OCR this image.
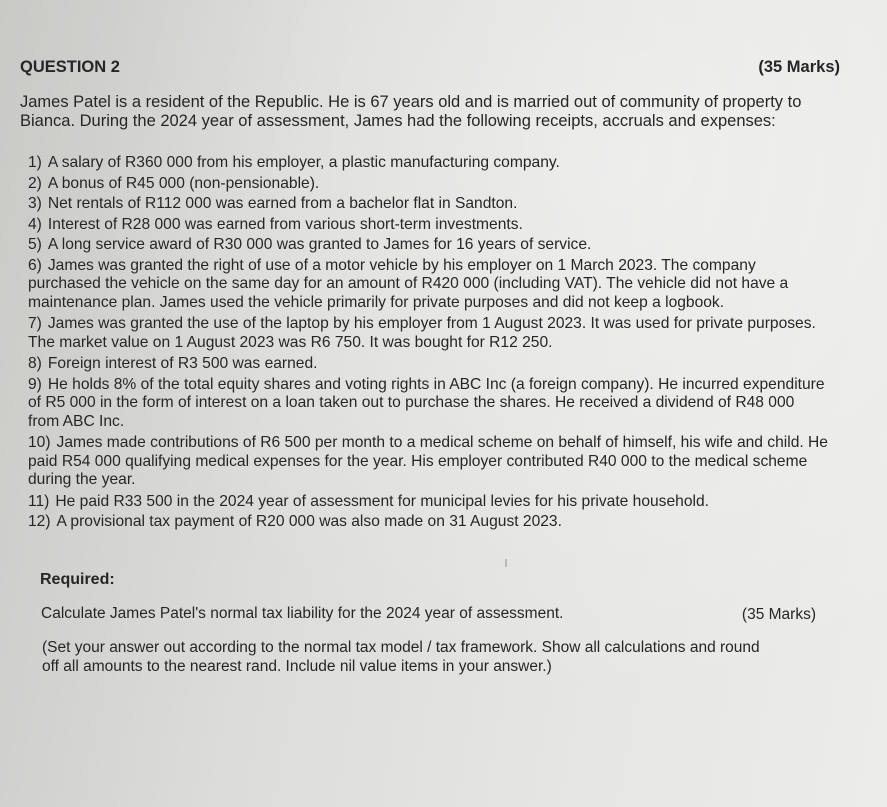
QUESTION 2	(35 Marks)
James Patel is a resident of the Republic. He is 67 years old and is married out of community of property to Bianca. During the 2024 year of assessment, James had the following receipts, accruals and expenses:
1) A salary of R360 000 from his employer, a plastic manufacturing company.
2) A bonus of R45 000 (non-pensionable).
3) Net rentals of R112 000 was earned from a bachelor flat in Sandton.
4) Interest of R28 000 was earned from various short-term investments.
5) A long service award of R30 000 was granted to James for 16 years of service.
6) James was granted the right of use of a motor vehicle by his employer on 1 March 2023. The company purchased the vehicle on the same day for an amount of R420 000 (including VAT). The vehicle did not have a maintenance plan. James used the vehicle primarily for private purposes and did not keep a logbook.
7) James was granted the use of the laptop by his employer from 1 August 2023. It was used for private purposes. The market value on 1 August 2023 was R6 750. It was bought for R12 250.
8) Foreign interest of R3 500 was earned.
9) He holds 8% of the total equity shares and voting rights in ABC Inc (a foreign company). He incurred expenditure of R5 000 in the form of interest on a loan taken out to purchase the shares. He received a dividend of R48 000 from ABC Inc.
10) James made contributions of R6 500 per month to a medical scheme on behalf of himself, his wife and child. He paid R54 000 qualifying medical expenses for the year. His employer contributed R40 000 to the medical scheme during the year.
11) He paid R33 500 in the 2024 year of assessment for municipal levies for his private household.
12) A provisional tax payment of R20 000 was also made on 31 August 2023.
Required:
Calculate James Patel's normal tax liability for the 2024 year of assessment.	(35 Marks)
(Set your answer out according to the normal tax model / tax framework. Show all calculations and round off all amounts to the nearest rand. Include nil value items in your answer.)
